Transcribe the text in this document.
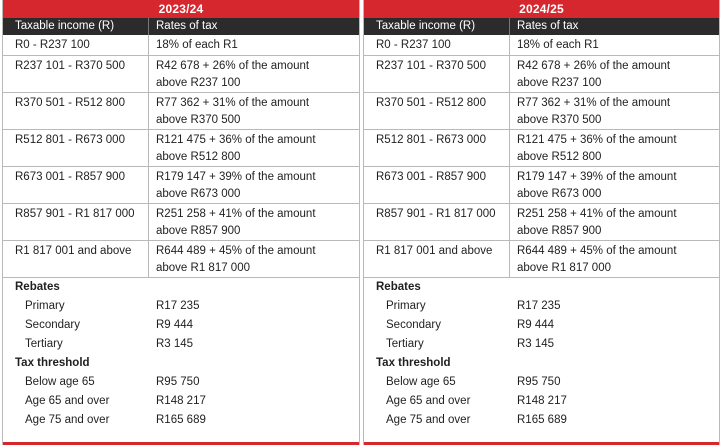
2023/24
Taxable income (R)	Rates of tax
R0 - R237 100	18% of each R1
R237 101 - R370 500	R42 678 + 26% of the amount
above R237 100
R370 501 - R512 800	R77 362 + 31% of the amount
above R370 500
R512 801 - R673 000	R121 475 + 36% of the amount
above R512 800
R673 001 - R857 900	R179 147 + 39% of the amount
above R673 000
R857 901 - R1 817 000	R251 258 + 41% of the amount
above R857 900
R1 817 001 and above	R644 489 + 45% of the amount
above R1 817 000
Rebates
Primary	R17 235
Secondary	R9 444
Tertiary	R3 145
Tax threshold
Below age 65	R95 750
Age 65 and over	R148 217
Age 75 and over	R165 689
2024/25
Taxable income (R)	Rates of tax
R0 - R237 100	18% of each R1
R237 101 - R370 500	R42 678 + 26% of the amount
above R237 100
R370 501 - R512 800	R77 362 + 31% of the amount
above R370 500
R512 801 - R673 000	R121 475 + 36% of the amount
above R512 800
R673 001 - R857 900	R179 147 + 39% of the amount
above R673 000
R857 901 - R1 817 000	R251 258 + 41% of the amount
above R857 900
R1 817 001 and above	R644 489 + 45% of the amount
above R1 817 000
Rebates
Primary	R17 235
Secondary	R9 444
Tertiary	R3 145
Tax threshold
Below age 65	R95 750
Age 65 and over	R148 217
Age 75 and over	R165 689
